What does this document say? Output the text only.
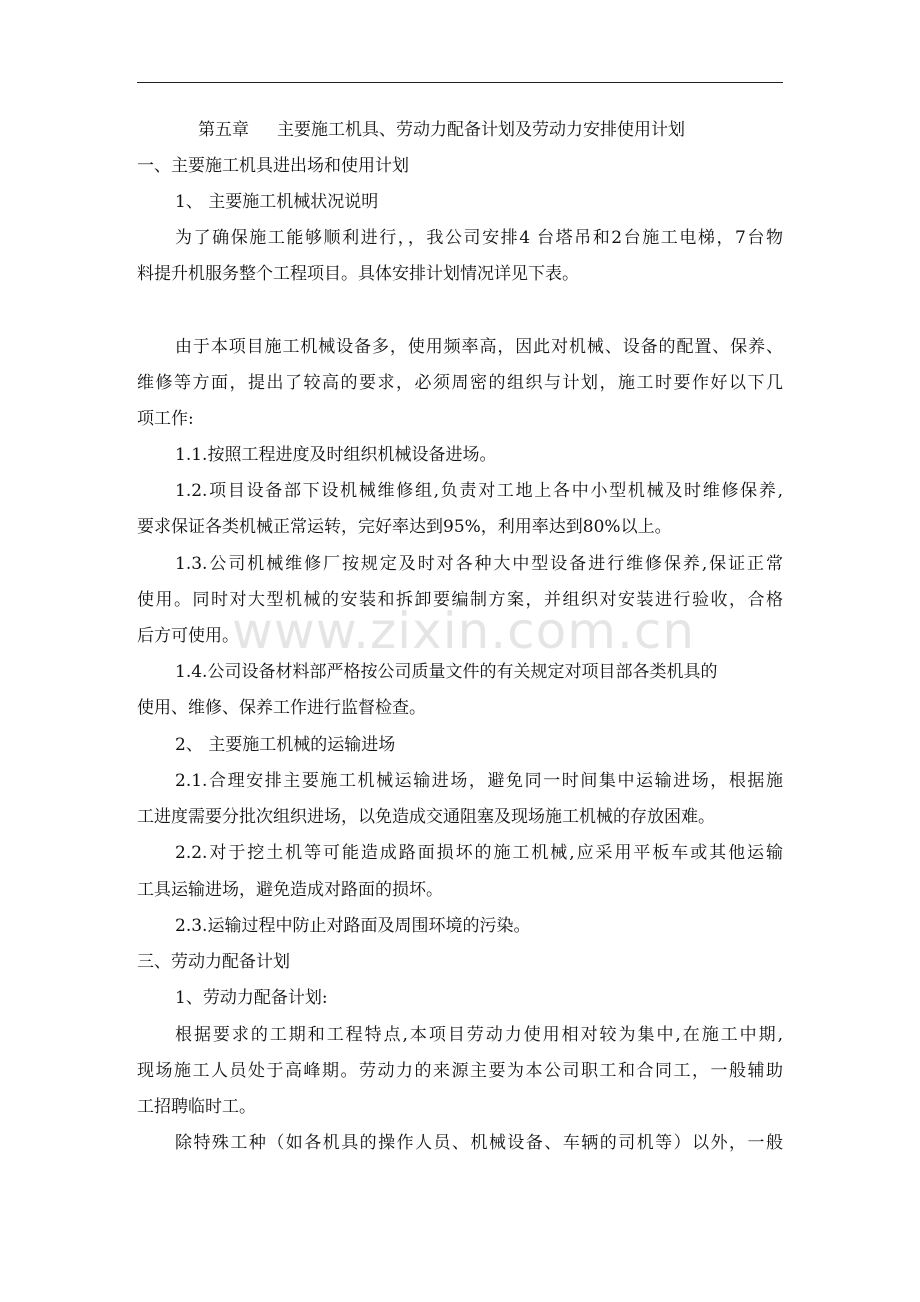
www.zixin.com.cn
第五章 主要施工机具、劳动力配备计划及劳动力安排使用计划
一、主要施工机具进出场和使用计划
1、 主要施工机械状况说明
为了确保施工能够顺利进行，，我公司安排4 台塔吊和2台施工电梯，7台物
料提升机服务整个工程项目。具体安排计划情况详见下表。
由于本项目施工机械设备多，使用频率高，因此对机械、设备的配置、保养、
维修等方面，提出了较高的要求，必须周密的组织与计划，施工时要作好以下几
项工作:
1.1.按照工程进度及时组织机械设备进场。
1.2.项目设备部下设机械维修组,负责对工地上各中小型机械及时维修保养,
要求保证各类机械正常运转，完好率达到95%，利用率达到80%以上。
1.3.公司机械维修厂按规定及时对各种大中型设备进行维修保养,保证正常
使用。同时对大型机械的安装和拆卸要编制方案，并组织对安装进行验收，合格
后方可使用。
1.4.公司设备材料部严格按公司质量文件的有关规定对项目部各类机具的
使用、维修、保养工作进行监督检查。
2、 主要施工机械的运输进场
2.1.合理安排主要施工机械运输进场，避免同一时间集中运输进场，根据施
工进度需要分批次组织进场，以免造成交通阻塞及现场施工机械的存放困难。
2.2.对于挖土机等可能造成路面损坏的施工机械,应采用平板车或其他运输
工具运输进场，避免造成对路面的损坏。
2.3.运输过程中防止对路面及周围环境的污染。
三、劳动力配备计划
1、劳动力配备计划:
根据要求的工期和工程特点,本项目劳动力使用相对较为集中,在施工中期,
现场施工人员处于高峰期。劳动力的来源主要为本公司职工和合同工，一般辅助
工招聘临时工。
除特殊工种（如各机具的操作人员、机械设备、车辆的司机等）以外，一般
